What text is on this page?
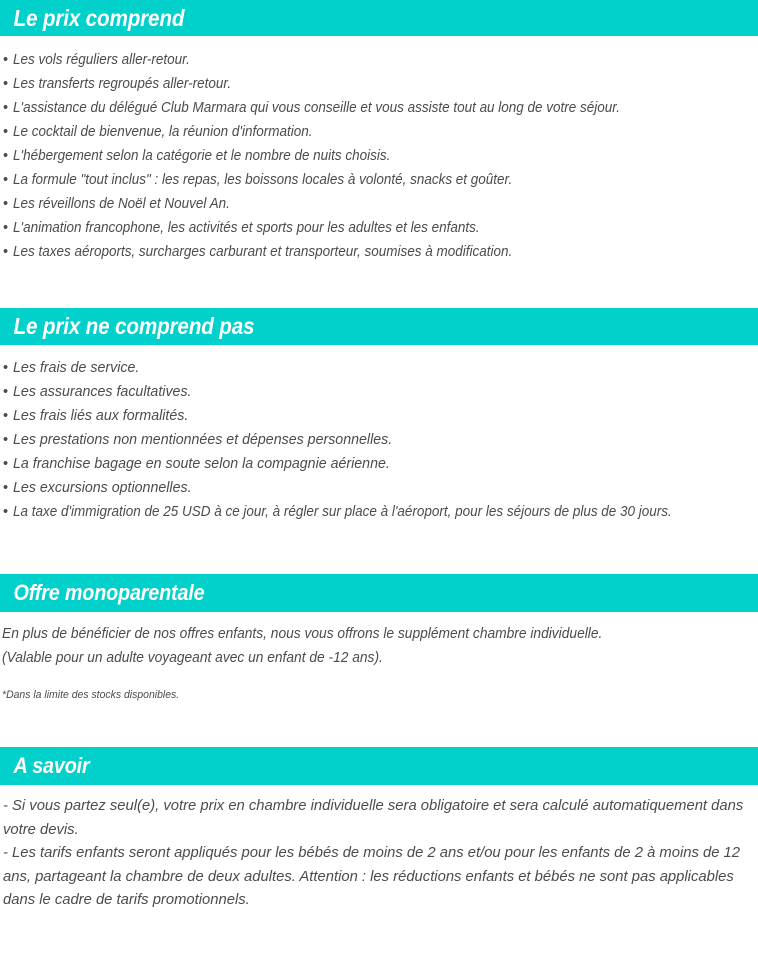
Le prix comprend
• Les vols réguliers aller-retour.
• Les transferts regroupés aller-retour.
• L'assistance du délégué Club Marmara qui vous conseille et vous assiste tout au long de votre séjour.
• Le cocktail de bienvenue, la réunion d'information.
• L'hébergement selon la catégorie et le nombre de nuits choisis.
• La formule "tout inclus" : les repas, les boissons locales à volonté, snacks et goûter.
• Les réveillons de Noël et Nouvel An.
• L'animation francophone, les activités et sports pour les adultes et les enfants.
• Les taxes aéroports, surcharges carburant et transporteur, soumises à modification.
Le prix ne comprend pas
• Les frais de service.
• Les assurances facultatives.
• Les frais liés aux formalités.
• Les prestations non mentionnées et dépenses personnelles.
• La franchise bagage en soute selon la compagnie aérienne.
• Les excursions optionnelles.
• La taxe d'immigration de 25 USD à ce jour, à régler sur place à l'aéroport, pour les séjours de plus de 30 jours.
Offre monoparentale
En plus de bénéficier de nos offres enfants, nous vous offrons le supplément chambre individuelle.
(Valable pour un adulte voyageant avec un enfant de -12 ans).
*Dans la limite des stocks disponibles.
A savoir
- Si vous partez seul(e), votre prix en chambre individuelle sera obligatoire et sera calculé automatiquement dans votre devis.
- Les tarifs enfants seront appliqués pour les bébés de moins de 2 ans et/ou pour les enfants de 2 à moins de 12 ans, partageant la chambre de deux adultes. Attention : les réductions enfants et bébés ne sont pas applicables dans le cadre de tarifs promotionnels.
